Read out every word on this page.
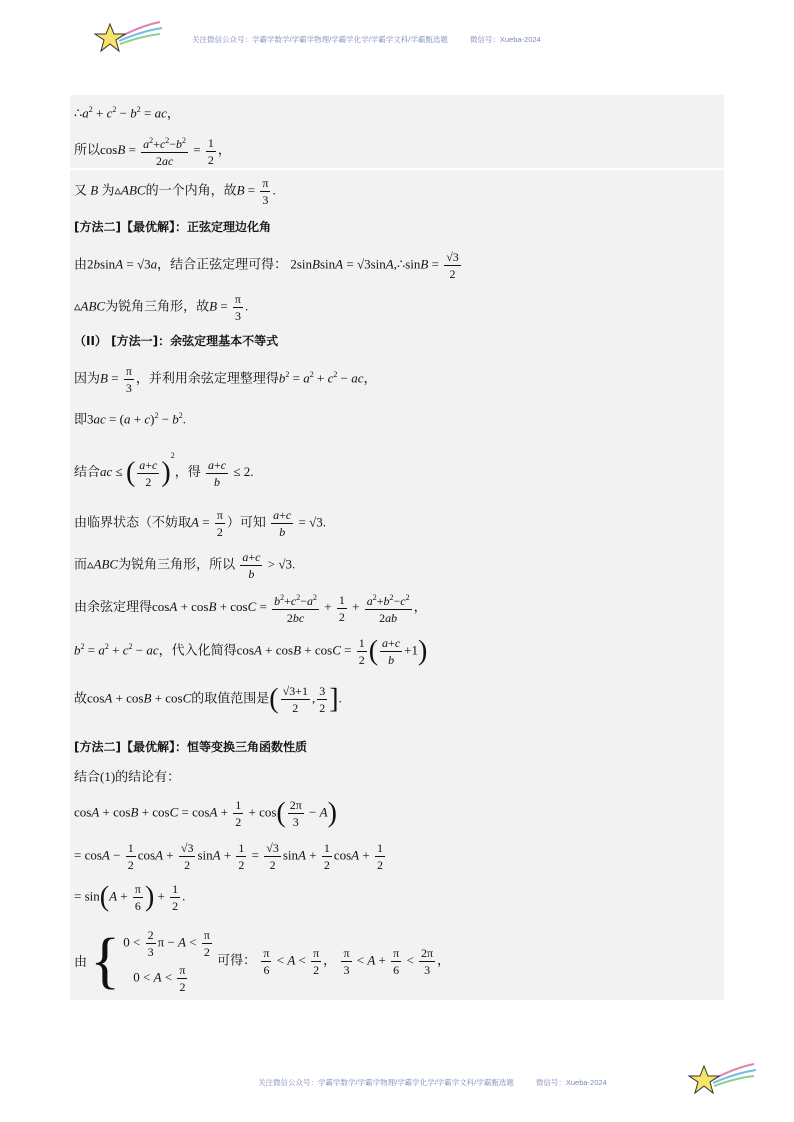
关注微信公众号：学霸学数学/学霸学物理/学霸学化学/学霸学文科/学霸甄选题	微信号：Xueba-2024
$\therefore a^2 + c^2 - b^2$ = ac，
所以$\cos B = \frac{a^2+c^2-b^2}{2ac} = \frac{1}{2}$ ，
又 B 为▵ABC的一个内角，故$B = \frac{\pi}{3}$ .
[方法二]【最优解】：正弦定理边化角
由2bsinA = √3a，结合正弦定理可得： 2sinBsinA = √3sinA,∴sinB = $\frac{√3}{2}$
▵ABC为锐角三角形，故$B = \frac{\pi}{3}$ .
（II） [方法一]：余弦定理基本不等式
因为$B = \frac{\pi}{3}$ ，并利用余弦定理整理得$b^2 = a^2 + c^2$ − ac，
即$3ac = (a + c)^2 - b^2$.
结合ac ≤ ( $\frac{a+c}{2} )^2$，得 $\frac{a+c}{b} \le 2$.
由临界状态（不妨取$A = \frac{\pi}{2}$ ）可知 $\frac{a+c}{b} = √3$.
而▵ABC为锐角三角形，所以 $\frac{a+c}{b} > √3$.
由余弦定理得$\cos A + \cos B + \cos C = \frac{b^2+c^2-a^2}{2bc} + \frac{1}{2} + \frac{a^2+b^2-c^2}{2ab}$ ，
$b^2 = a^2 + c^2$ − ac，代入化简得$\cos A + \cos B + \cos C = \frac{1}{2}$ ( $\frac{a+c}{b} +1$)
故cosA + cosB + cosC的取值范围是( $\frac{√3+1}{2}$ , $\frac{3}{2}$ ].
[方法二]【最优解】：恒等变换三角函数性质
结合(1)的结论有：
$\cos A + \cos B + \cos C = \cos A + \frac{1}{2} + \cos( \frac{2\pi}{3} - A)$
= $\cos A - \frac{1}{2}$ $\cos A + \frac{√3}{2}$ $\sin A + \frac{1}{2} = \frac{√3}{2}$ $\sin A + \frac{1}{2}$ $\cos A + \frac{1}{2}$
= $\sin(A + \frac{\pi}{6}$ ) + $\frac{1}{2}$ .
由 { $0 < \frac{2}{3}$ $\pi - A < \frac{\pi}{2}$
$0 < A < \frac{\pi}{2}$
可得： $\frac{\pi}{6} < A < \frac{\pi}{2}$ ， $\frac{\pi}{3} < A + \frac{\pi}{6} < \frac{2\pi}{3}$ ，
关注微信公众号：学霸学数学/学霸学物理/学霸学化学/学霸学文科/学霸甄选题	微信号：Xueba-2024
